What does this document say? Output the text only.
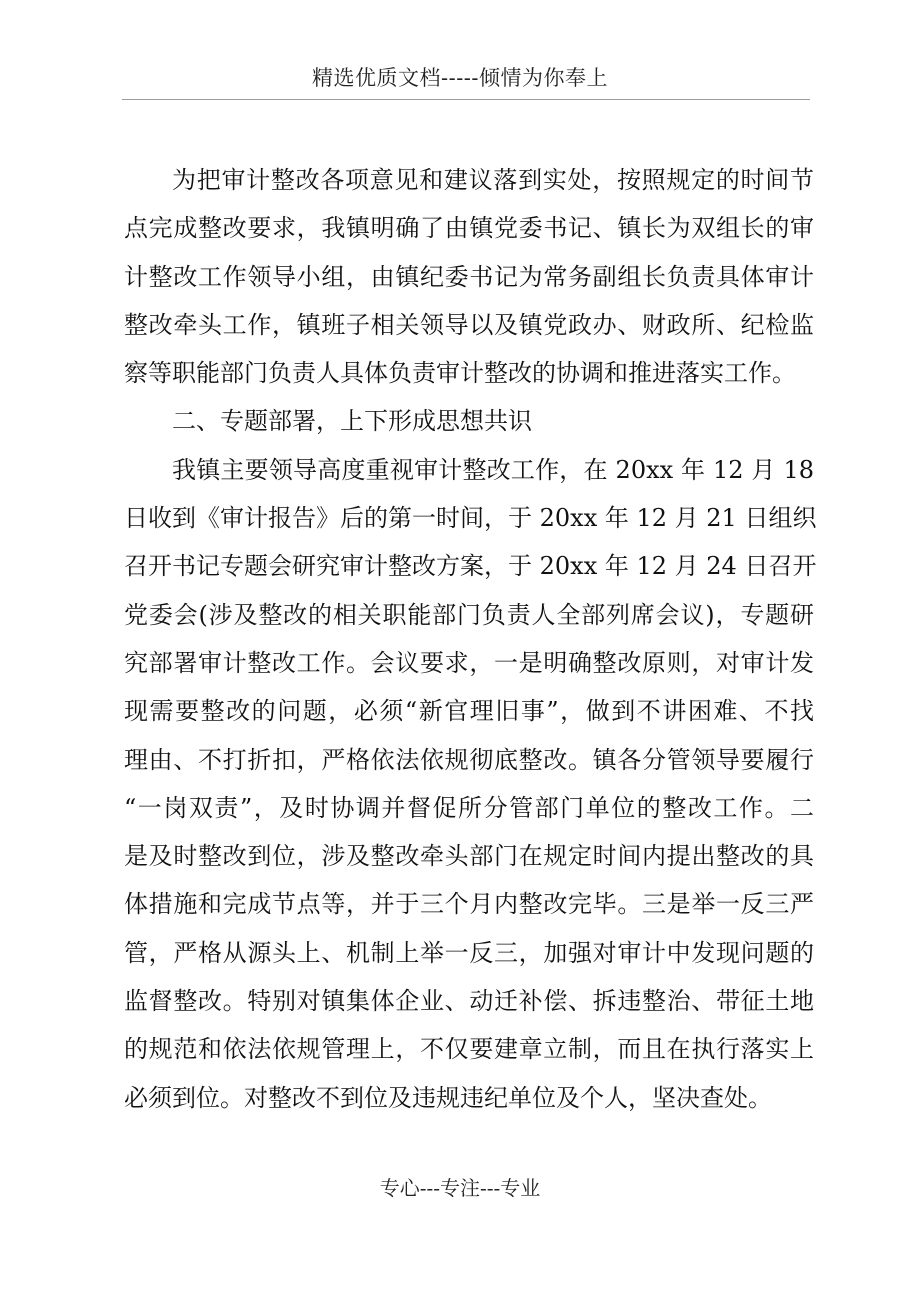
精选优质文档-----倾情为你奉上
为把审计整改各项意见和建议落到实处，按照规定的时间节
点完成整改要求，我镇明确了由镇党委书记、镇长为双组长的审
计整改工作领导小组，由镇纪委书记为常务副组长负责具体审计
整改牵头工作，镇班子相关领导以及镇党政办、财政所、纪检监
察等职能部门负责人具体负责审计整改的协调和推进落实工作。
二、专题部署，上下形成思想共识
我镇主要领导高度重视审计整改工作，在 20xx 年 12 月 18
日收到《审计报告》后的第一时间，于 20xx 年 12 月 21 日组织
召开书记专题会研究审计整改方案，于 20xx 年 12 月 24 日召开
党委会(涉及整改的相关职能部门负责人全部列席会议)，专题研
究部署审计整改工作。会议要求，一是明确整改原则，对审计发
现需要整改的问题，必须“新官理旧事”，做到不讲困难、不找
理由、不打折扣，严格依法依规彻底整改。镇各分管领导要履行
“一岗双责”，及时协调并督促所分管部门单位的整改工作。二
是及时整改到位，涉及整改牵头部门在规定时间内提出整改的具
体措施和完成节点等，并于三个月内整改完毕。三是举一反三严
管，严格从源头上、机制上举一反三，加强对审计中发现问题的
监督整改。特别对镇集体企业、动迁补偿、拆违整治、带征土地
的规范和依法依规管理上，不仅要建章立制，而且在执行落实上
必须到位。对整改不到位及违规违纪单位及个人，坚决查处。
专心---专注---专业
